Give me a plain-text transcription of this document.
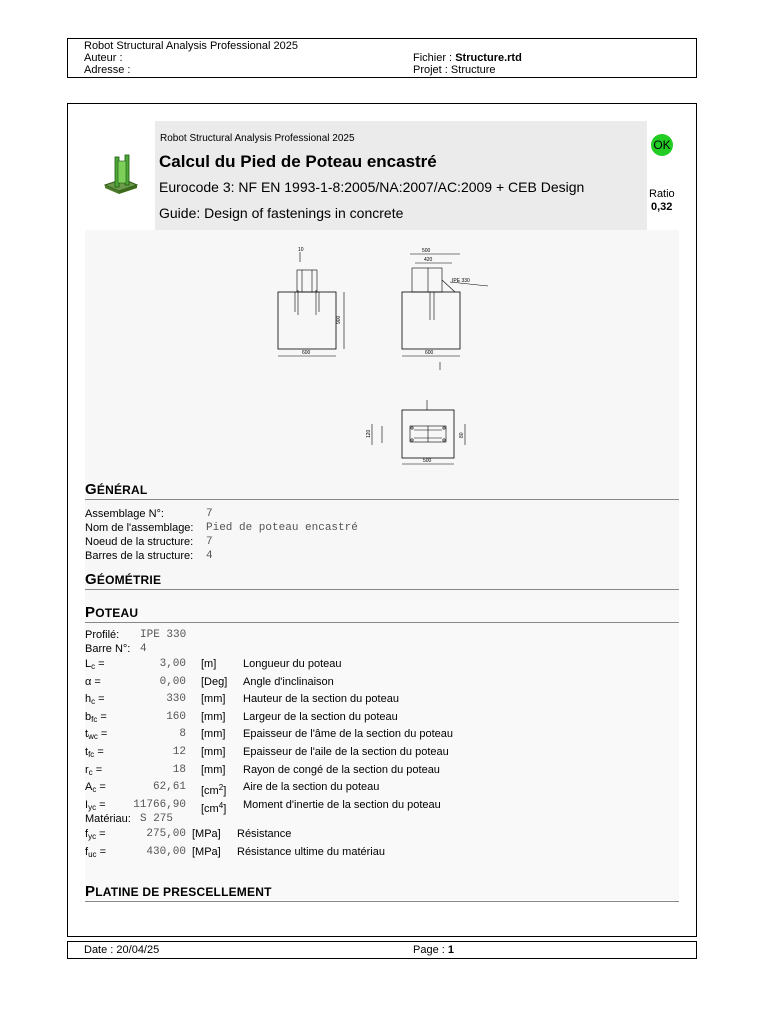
Robot Structural Analysis Professional 2025
Auteur :
Adresse :
Fichier : Structure.rtd
Projet : Structure
Robot Structural Analysis Professional 2025
Calcul du Pied de Poteau encastré
Eurocode 3: NF EN 1993-1-8:2005/NA:2007/AC:2009 + CEB Design
Guide: Design of fastenings in concrete
OK
Ratio
0,32
10
600
900
500
420
IPE 330
600
500
120	80
GÉNÉRAL
Assemblage N°:	7
Nom de l'assemblage: Pied de poteau encastré
Noeud de la structure: 7
Barres de la structure: 4
GÉOMÉTRIE
POTEAU
Profilé: IPE 330
Barre N°: 4
$L_c$ =	3,00 [m] Longueur du poteau
α =	0,00 [Deg] Angle d'inclinaison
$h_c$ =	330 [mm] Hauteur de la section du poteau
$b_{fc}$ =	160 [mm] Largeur de la section du poteau
$t_{wc}$ =	8 [mm] Epaisseur de l'âme de la section du poteau
$t_{fc}$ =	12 [mm] Epaisseur de l'aile de la section du poteau
$r_c$ =	18 [mm] Rayon de congé de la section du poteau
$A_c$ =	62,61 $[cm^2]$ Aire de la section du poteau
$I_{yc}$ =	11766,90 $[cm^4]$ Moment d'inertie de la section du poteau
Matériau: S 275
$f_{yc}$ =	275,00 [MPa] Résistance
$f_{uc}$ =	430,00 [MPa] Résistance ultime du matériau
PLATINE DE PRESCELLEMENT
Date : 20/04/25	Page : 1
